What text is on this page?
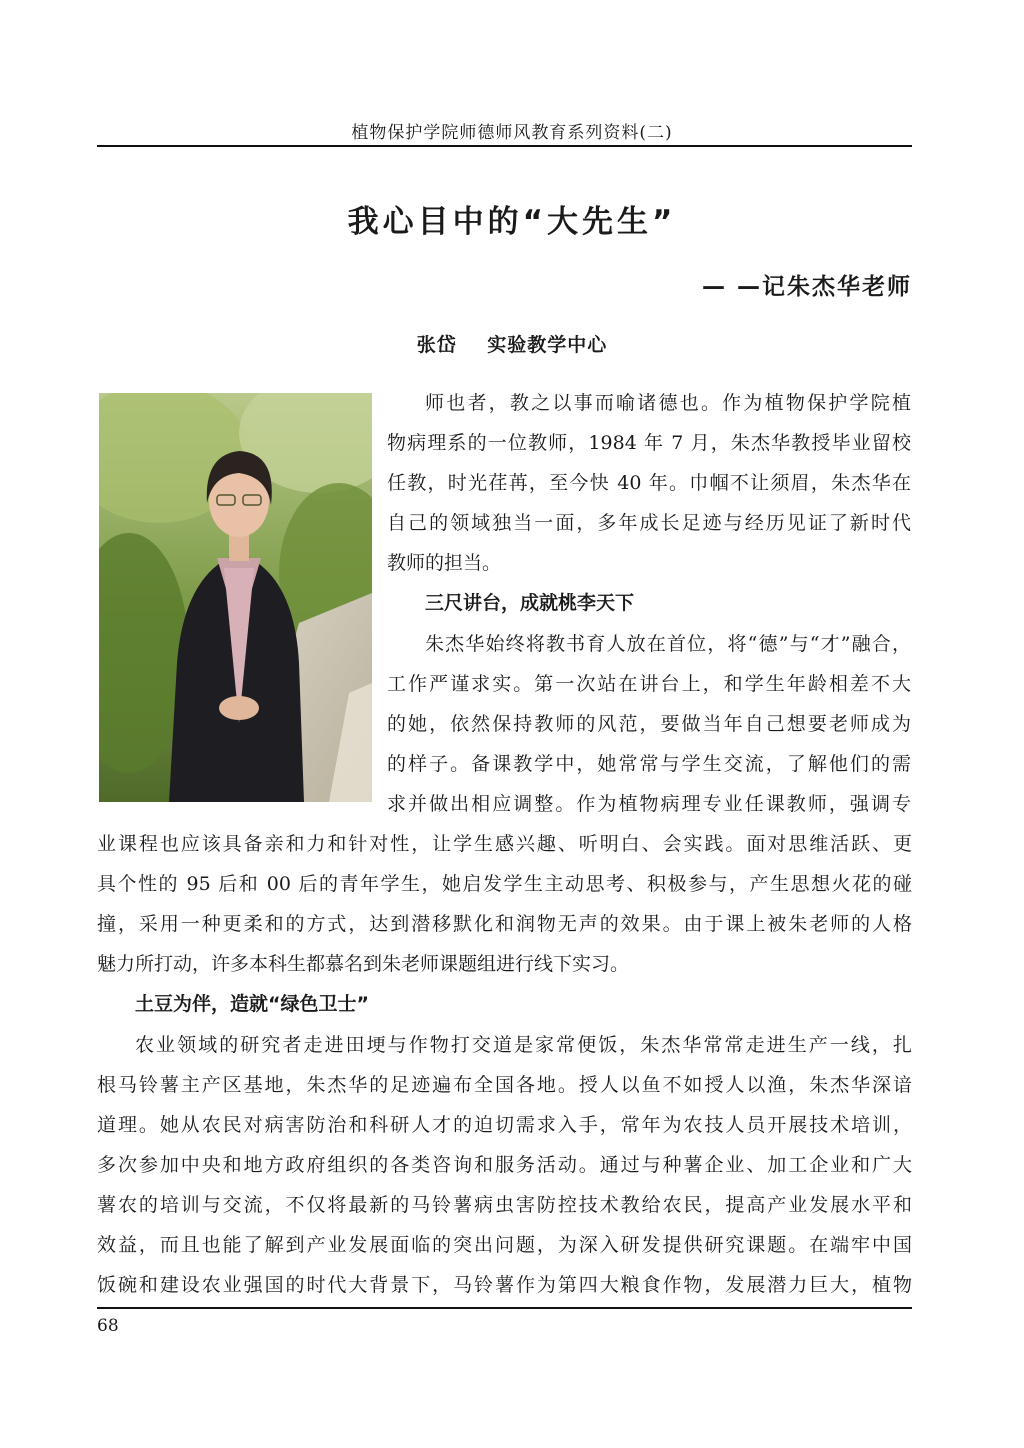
植物保护学院师德师风教育系列资料(二)
我心目中的“大先生”
— —记朱杰华老师
张岱    实验教学中心
师也者，教之以事而喻诸德也。作为植物保护学院植
物病理系的一位教师，1984 年 7 月，朱杰华教授毕业留校
任教，时光荏苒，至今快 40 年。巾帼不让须眉，朱杰华在
自己的领域独当一面，多年成长足迹与经历见证了新时代
教师的担当。
三尺讲台，成就桃李天下
朱杰华始终将教书育人放在首位，将“德”与“才”融合，
工作严谨求实。第一次站在讲台上，和学生年龄相差不大
的她，依然保持教师的风范，要做当年自己想要老师成为
的样子。备课教学中，她常常与学生交流，了解他们的需
求并做出相应调整。作为植物病理专业任课教师，强调专
业课程也应该具备亲和力和针对性，让学生感兴趣、听明白、会实践。面对思维活跃、更
具个性的 95 后和 00 后的青年学生，她启发学生主动思考、积极参与，产生思想火花的碰
撞，采用一种更柔和的方式，达到潜移默化和润物无声的效果。由于课上被朱老师的人格
魅力所打动，许多本科生都慕名到朱老师课题组进行线下实习。
土豆为伴，造就“绿色卫士”
农业领域的研究者走进田埂与作物打交道是家常便饭，朱杰华常常走进生产一线，扎
根马铃薯主产区基地，朱杰华的足迹遍布全国各地。授人以鱼不如授人以渔，朱杰华深谙
道理。她从农民对病害防治和科研人才的迫切需求入手，常年为农技人员开展技术培训，
多次参加中央和地方政府组织的各类咨询和服务活动。通过与种薯企业、加工企业和广大
薯农的培训与交流，不仅将最新的马铃薯病虫害防控技术教给农民，提高产业发展水平和
效益，而且也能了解到产业发展面临的突出问题，为深入研发提供研究课题。在端牢中国
饭碗和建设农业强国的时代大背景下，马铃薯作为第四大粮食作物，发展潜力巨大，植物
68
